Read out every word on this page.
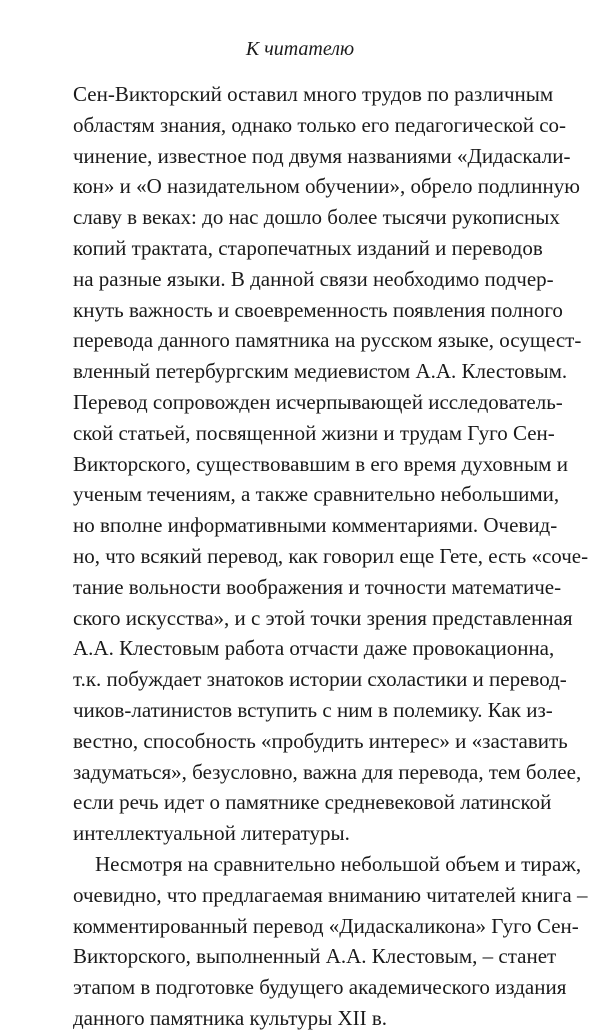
К читателю
Сен-Викторский оставил много трудов по различным
областям знания, однако только его педагогической со-
чинение, известное под двумя названиями «Дидаскали-
кон» и «О назидательном обучении», обрело подлинную
славу в веках: до нас дошло более тысячи рукописных
копий трактата, старопечатных изданий и переводов
на разные языки. В данной связи необходимо подчер-
кнуть важность и своевременность появления полного
перевода данного памятника на русском языке, осущест-
вленный петербургским медиевистом А.А. Клестовым.
Перевод сопровожден исчерпывающей исследователь-
ской статьей, посвященной жизни и трудам Гуго Сен-
Викторского, существовавшим в его время духовным и
ученым течениям, а также сравнительно небольшими,
но вполне информативными комментариями. Очевид-
но, что всякий перевод, как говорил еще Гете, есть «соче-
тание вольности воображения и точности математиче-
ского искусства», и с этой точки зрения представленная
А.А. Клестовым работа отчасти даже провокационна,
т.к. побуждает знатоков истории схоластики и перевод-
чиков-латинистов вступить с ним в полемику. Как из-
вестно, способность «пробудить интерес» и «заставить
задуматься», безусловно, важна для перевода, тем более,
если речь идет о памятнике средневековой латинской
интеллектуальной литературы.
Несмотря на сравнительно небольшой объем и тираж,
очевидно, что предлагаемая вниманию читателей книга –
комментированный перевод «Дидаскаликона» Гуго Сен-
Викторского, выполненный А.А. Клестовым, – станет
этапом в подготовке будущего академического издания
данного памятника культуры XII в.
